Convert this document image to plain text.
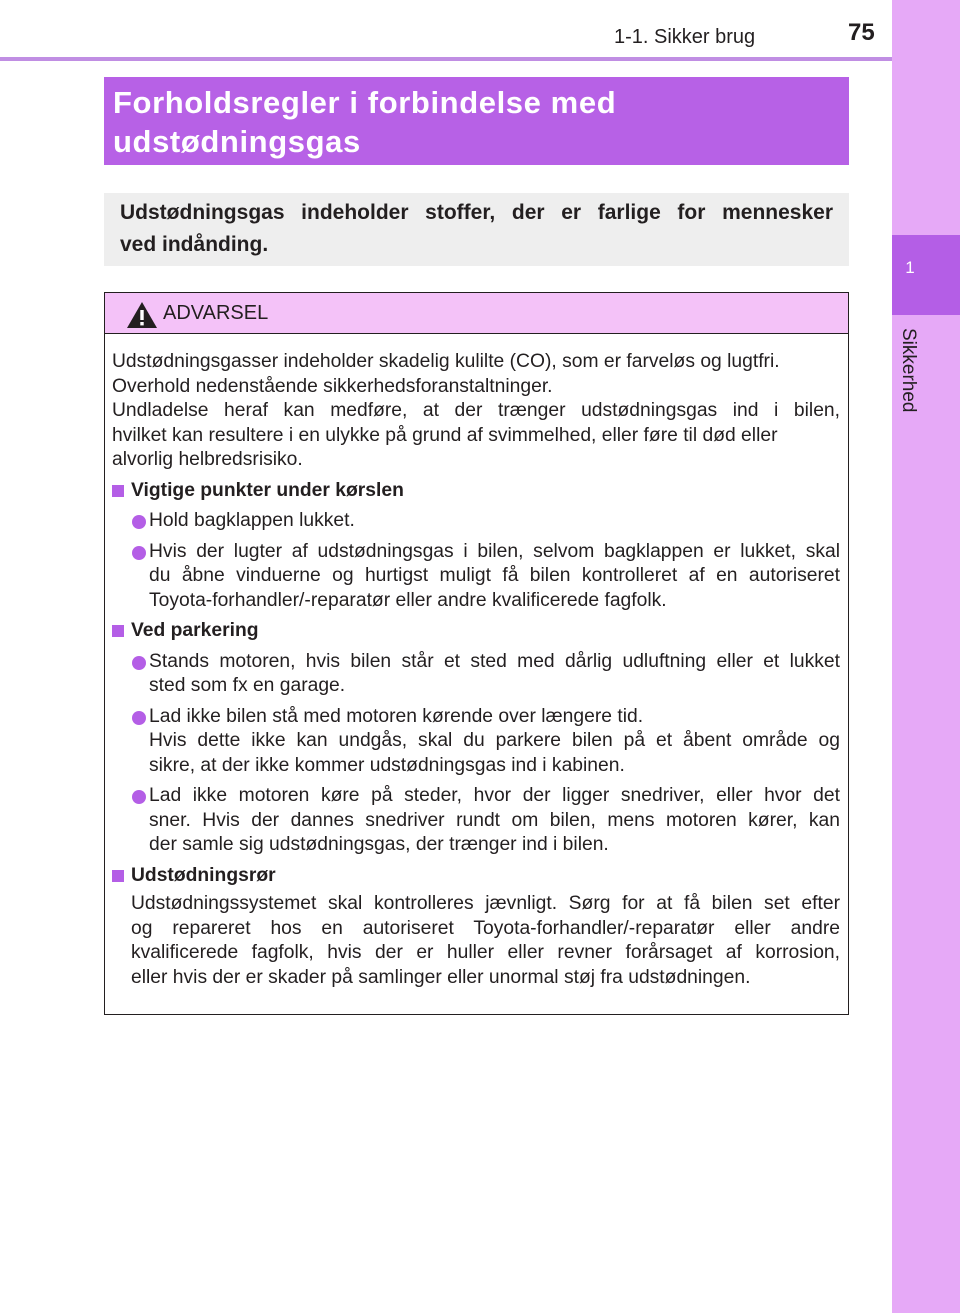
1
Sikkerhed
1-1. Sikker brug	75
Forholdsregler i forbindelse med
udstødningsgas
Udstødningsgas indeholder stoffer, der er farlige for mennesker
ved indånding.
ADVARSEL
Udstødningsgasser indeholder skadelig kulilte (CO), som er farveløs og lugtfri.
Overhold nedenstående sikkerhedsforanstaltninger.
Undladelse heraf kan medføre, at der trænger udstødningsgas ind i bilen,
hvilket kan resultere i en ulykke på grund af svimmelhed, eller føre til død eller
alvorlig helbredsrisiko.
Vigtige punkter under kørslen
Hold bagklappen lukket.
Hvis der lugter af udstødningsgas i bilen, selvom bagklappen er lukket, skal
du åbne vinduerne og hurtigst muligt få bilen kontrolleret af en autoriseret
Toyota-forhandler/-reparatør eller andre kvalificerede fagfolk.
Ved parkering
Stands motoren, hvis bilen står et sted med dårlig udluftning eller et lukket
sted som fx en garage.
Lad ikke bilen stå med motoren kørende over længere tid.
Hvis dette ikke kan undgås, skal du parkere bilen på et åbent område og
sikre, at der ikke kommer udstødningsgas ind i kabinen.
Lad ikke motoren køre på steder, hvor der ligger snedriver, eller hvor det
sner. Hvis der dannes snedriver rundt om bilen, mens motoren kører, kan
der samle sig udstødningsgas, der trænger ind i bilen.
Udstødningsrør
Udstødningssystemet skal kontrolleres jævnligt. Sørg for at få bilen set efter
og repareret hos en autoriseret Toyota-forhandler/-reparatør eller andre
kvalificerede fagfolk, hvis der er huller eller revner forårsaget af korrosion,
eller hvis der er skader på samlinger eller unormal støj fra udstødningen.
